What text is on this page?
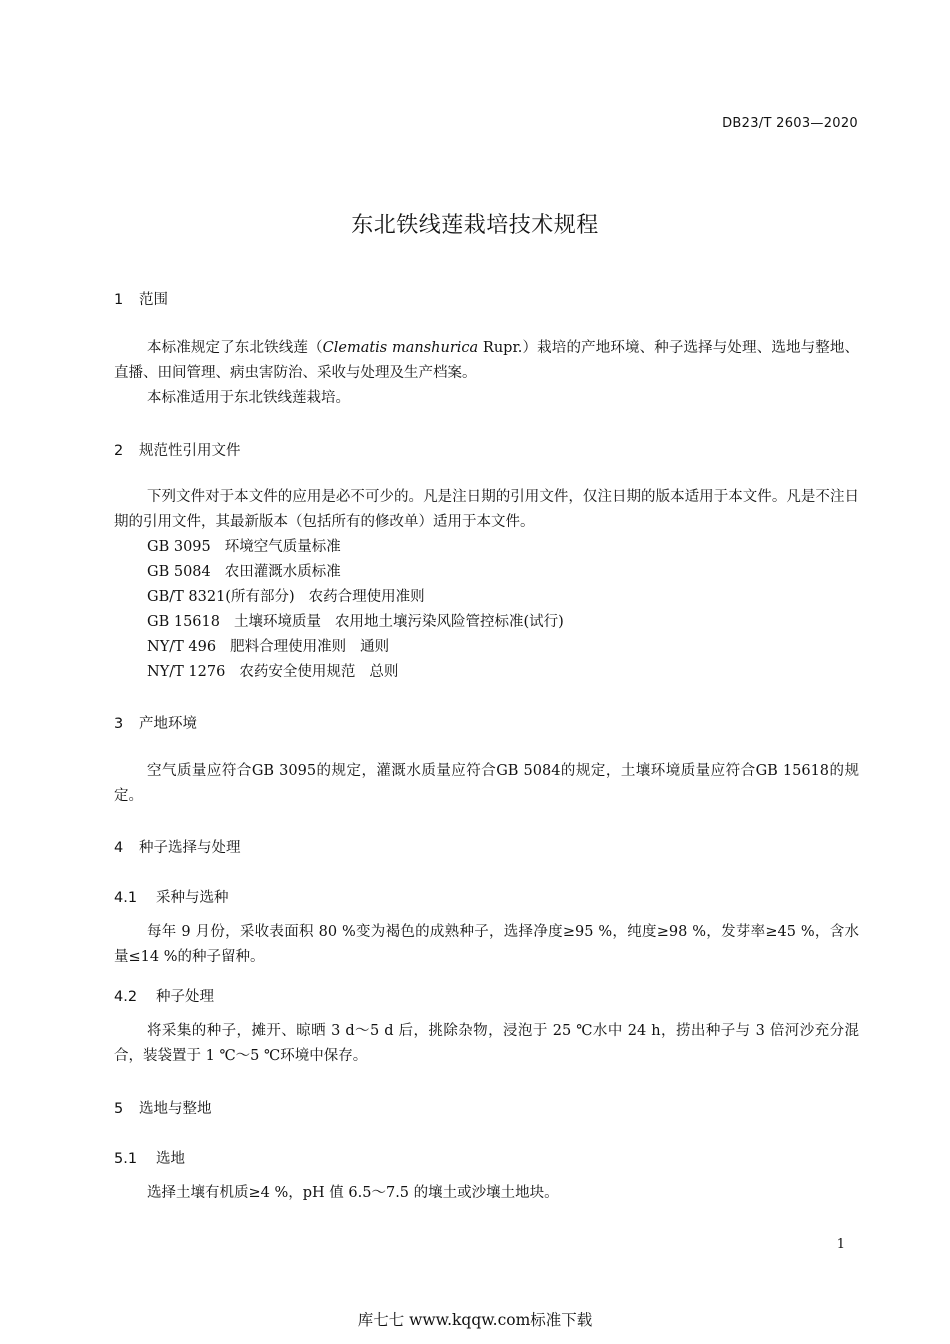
DB23/T 2603—2020
东北铁线莲栽培技术规程
1 范围
本标准规定了东北铁线莲（Clematis manshurica Rupr.）栽培的产地环境、种子选择与处理、选地与整地、直播、田间管理、病虫害防治、采收与处理及生产档案。
本标准适用于东北铁线莲栽培。
2 规范性引用文件
下列文件对于本文件的应用是必不可少的。凡是注日期的引用文件，仅注日期的版本适用于本文件。凡是不注日期的引用文件，其最新版本（包括所有的修改单）适用于本文件。
GB 3095 环境空气质量标准
GB 5084 农田灌溉水质标准
GB/T 8321(所有部分) 农药合理使用准则
GB 15618 土壤环境质量 农用地土壤污染风险管控标准(试行)
NY/T 496 肥料合理使用准则 通则
NY/T 1276 农药安全使用规范 总则
3 产地环境
空气质量应符合GB 3095的规定，灌溉水质量应符合GB 5084的规定，土壤环境质量应符合GB 15618的规定。
4 种子选择与处理
4.1 采种与选种
每年 9 月份，采收表面积 80 %变为褐色的成熟种子，选择净度≥95 %，纯度≥98 %，发芽率≥45 %，含水量≤14 %的种子留种。
4.2 种子处理
将采集的种子，摊开、晾晒 3 d～5 d 后，挑除杂物，浸泡于 25 ℃水中 24 h，捞出种子与 3 倍河沙充分混合，装袋置于 1 ℃～5 ℃环境中保存。
5 选地与整地
5.1 选地
选择土壤有机质≥4 %，pH 值 6.5～7.5 的壤土或沙壤土地块。
1
库七七 www.kqqw.com标准下载
